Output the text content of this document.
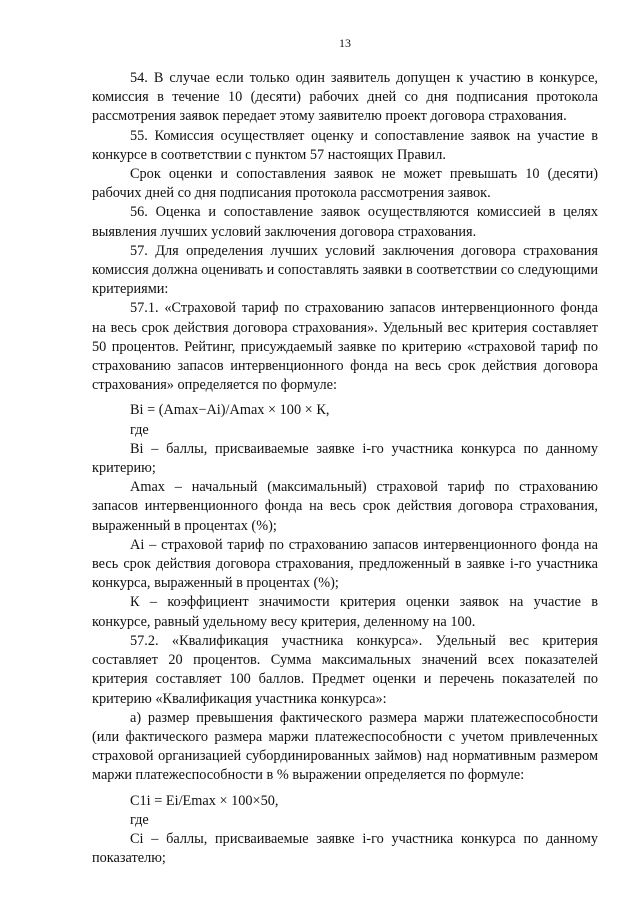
13

54. В случае если только один заявитель допущен к участию в конкурсе, комиссия в течение 10 (десяти) рабочих дней со дня подписания протокола рассмотрения заявок передает этому заявителю проект договора страхования.

55. Комиссия осуществляет оценку и сопоставление заявок на участие в конкурсе в соответствии с пунктом 57 настоящих Правил.

Срок оценки и сопоставления заявок не может превышать 10 (десяти) рабочих дней со дня подписания протокола рассмотрения заявок.

56. Оценка и сопоставление заявок осуществляются комиссией в целях выявления лучших условий заключения договора страхования.

57. Для определения лучших условий заключения договора страхования комиссия должна оценивать и сопоставлять заявки в соответствии со следующими критериями:

57.1. «Страховой тариф по страхованию запасов интервенционного фонда на весь срок действия договора страхования». Удельный вес критерия составляет 50 процентов. Рейтинг, присуждаемый заявке по критерию «страховой тариф по страхованию запасов интервенционного фонда на весь срок действия договора страхования» определяется по формуле:

Вi = (Amax−Ai)/Amax × 100 × К,

где

Вi – баллы, присваиваемые заявке i-го участника конкурса по данному критерию;

Amax – начальный (максимальный) страховой тариф по страхованию запасов интервенционного фонда на весь срок действия договора страхования, выраженный в процентах (%);

Ai – страховой тариф по страхованию запасов интервенционного фонда на весь срок действия договора страхования, предложенный в заявке i-го участника конкурса, выраженный в процентах (%);

К – коэффициент значимости критерия оценки заявок на участие в конкурсе, равный удельному весу критерия, деленному на 100.

57.2. «Квалификация участника конкурса». Удельный вес критерия составляет 20 процентов. Сумма максимальных значений всех показателей критерия составляет 100 баллов. Предмет оценки и перечень показателей по критерию «Квалификация участника конкурса»:

а) размер превышения фактического размера маржи платежеспособности (или фактического размера маржи платежеспособности с учетом привлеченных страховой организацией субординированных займов) над нормативным размером маржи платежеспособности в % выражении определяется по формуле:

С1i = Еi/Emax × 100×50,

где

Сi – баллы, присваиваемые заявке i-го участника конкурса по данному показателю;
